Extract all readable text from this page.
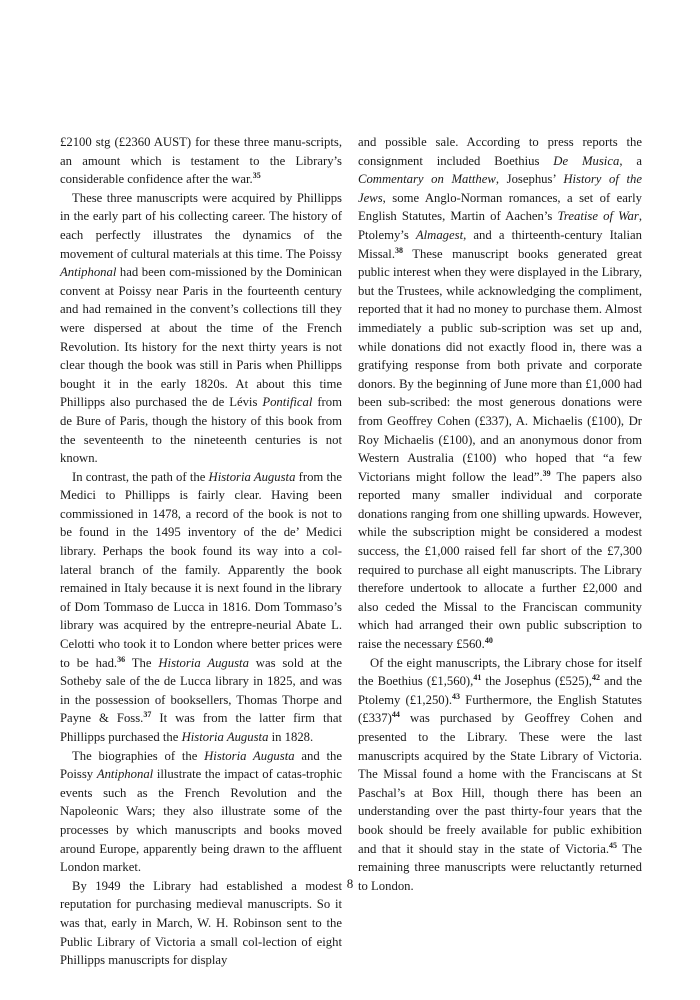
£2100 stg (£2360 AUST) for these three manu-scripts, an amount which is testament to the Library’s considerable confidence after the war.$^{35}$

These three manuscripts were acquired by Phillipps in the early part of his collecting career. The history of each perfectly illustrates the dynamics of the movement of cultural materials at this time. The Poissy Antiphonal had been com-missioned by the Dominican convent at Poissy near Paris in the fourteenth century and had remained in the convent’s collections till they were dispersed at about the time of the French Revolution. Its history for the next thirty years is not clear though the book was still in Paris when Phillipps bought it in the early 1820s. At about this time Phillipps also purchased the de Lévis Pontifical from de Bure of Paris, though the history of this book from the seventeenth to the nineteenth centuries is not known.

In contrast, the path of the Historia Augusta from the Medici to Phillipps is fairly clear. Having been commissioned in 1478, a record of the book is not to be found in the 1495 inventory of the de’ Medici library. Perhaps the book found its way into a col-lateral branch of the family. Apparently the book remained in Italy because it is next found in the library of Dom Tommaso de Lucca in 1816. Dom Tommaso’s library was acquired by the entrepre-neurial Abate L. Celotti who took it to London where better prices were to be had.$^{36}$ The Historia Augusta was sold at the Sotheby sale of the de Lucca library in 1825, and was in the possession of booksellers, Thomas Thorpe and Payne & Foss.$^{37}$ It was from the latter firm that Phillipps purchased the Historia Augusta in 1828.

The biographies of the Historia Augusta and the Poissy Antiphonal illustrate the impact of catas-trophic events such as the French Revolution and the Napoleonic Wars; they also illustrate some of the processes by which manuscripts and books moved around Europe, apparently being drawn to the affluent London market.

By 1949 the Library had established a modest reputation for purchasing medieval manuscripts. So it was that, early in March, W. H. Robinson sent to the Public Library of Victoria a small col-lection of eight Phillipps manuscripts for display

and possible sale. According to press reports the consignment included Boethius De Musica, a Commentary on Matthew, Josephus’ History of the Jews, some Anglo-Norman romances, a set of early English Statutes, Martin of Aachen’s Treatise of War, Ptolemy’s Almagest, and a thirteenth-century Italian Missal.$^{38}$ These manuscript books generated great public interest when they were displayed in the Library, but the Trustees, while acknowledging the compliment, reported that it had no money to purchase them. Almost immediately a public sub-scription was set up and, while donations did not exactly flood in, there was a gratifying response from both private and corporate donors. By the beginning of June more than £1,000 had been sub-scribed: the most generous donations were from Geoffrey Cohen (£337), A. Michaelis (£100), Dr Roy Michaelis (£100), and an anonymous donor from Western Australia (£100) who hoped that “a few Victorians might follow the lead”.$^{39}$ The papers also reported many smaller individual and corporate donations ranging from one shilling upwards. However, while the subscription might be considered a modest success, the £1,000 raised fell far short of the £7,300 required to purchase all eight manuscripts. The Library therefore undertook to allocate a further £2,000 and also ceded the Missal to the Franciscan community which had arranged their own public subscription to raise the necessary £560.40

Of the eight manuscripts, the Library chose for itself the Boethius (£1,560),$^{41}$ the Josephus (£525),$^{42}$ and the Ptolemy (£1,250).$^{43}$ Furthermore, the English Statutes (£337)$^{44}$ was purchased by Geoffrey Cohen and presented to the Library. These were the last manuscripts acquired by the State Library of Victoria. The Missal found a home with the Franciscans at St Paschal’s at Box Hill, though there has been an understanding over the past thirty-four years that the book should be freely available for public exhibition and that it should stay in the state of Victoria.$^{45}$ The remaining three manuscripts were reluctantly returned to London.

8
